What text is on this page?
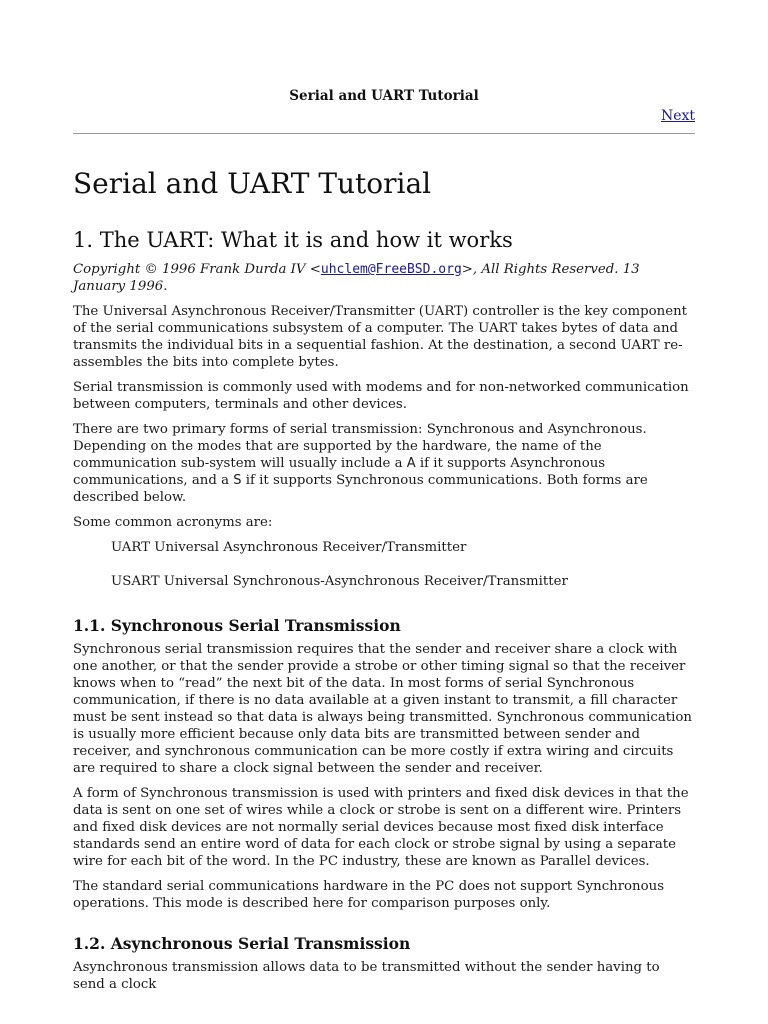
Serial and UART Tutorial
Next
Serial and UART Tutorial
1. The UART: What it is and how it works

Copyright © 1996 Frank Durda IV <uhclem@FreeBSD.org>, All Rights Reserved. 13 January 1996.

The Universal Asynchronous Receiver/Transmitter (UART) controller is the key component of the serial communications subsystem of a computer. The UART takes bytes of data and transmits the individual bits in a sequential fashion. At the destination, a second UART re-assembles the bits into complete bytes.

Serial transmission is commonly used with modems and for non-networked communication between computers, terminals and other devices.

There are two primary forms of serial transmission: Synchronous and Asynchronous. Depending on the modes that are supported by the hardware, the name of the communication sub-system will usually include a A if it supports Asynchronous communications, and a S if it supports Synchronous communications. Both forms are described below.

Some common acronyms are:

UART Universal Asynchronous Receiver/Transmitter
USART Universal Synchronous-Asynchronous Receiver/Transmitter
1.1. Synchronous Serial Transmission

Synchronous serial transmission requires that the sender and receiver share a clock with one another, or that the sender provide a strobe or other timing signal so that the receiver knows when to “read” the next bit of the data. In most forms of serial Synchronous communication, if there is no data available at a given instant to transmit, a fill character must be sent instead so that data is always being transmitted. Synchronous communication is usually more efficient because only data bits are transmitted between sender and receiver, and synchronous communication can be more costly if extra wiring and circuits are required to share a clock signal between the sender and receiver.

A form of Synchronous transmission is used with printers and fixed disk devices in that the data is sent on one set of wires while a clock or strobe is sent on a different wire. Printers and fixed disk devices are not normally serial devices because most fixed disk interface standards send an entire word of data for each clock or strobe signal by using a separate wire for each bit of the word. In the PC industry, these are known as Parallel devices.

The standard serial communications hardware in the PC does not support Synchronous operations. This mode is described here for comparison purposes only.

1.2. Asynchronous Serial Transmission

Asynchronous transmission allows data to be transmitted without the sender having to send a clock
